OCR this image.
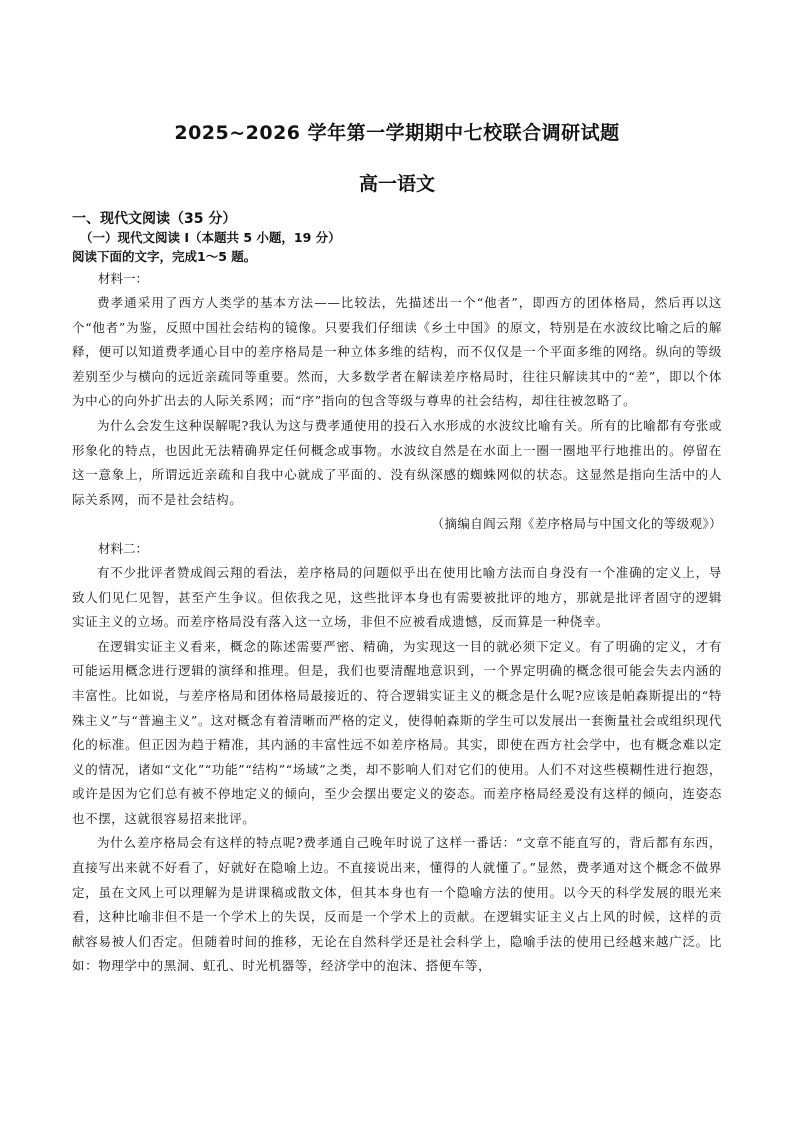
2025~2026 学年第一学期期中七校联合调研试题
高一语文

一、现代文阅读（35 分）

（一）现代文阅读 I（本题共 5 小题，19 分）

阅读下面的文字，完成1～5 题。

材料一：

费孝通采用了西方人类学的基本方法——比较法，先描述出一个“他者”，即西方的团体格局，然后再以这个“他者”为鉴，反照中国社会结构的镜像。只要我们仔细读《乡土中国》的原文，特别是在水波纹比喻之后的解释，便可以知道费孝通心目中的差序格局是一种立体多维的结构，而不仅仅是一个平面多维的网络。纵向的等级差别至少与横向的远近亲疏同等重要。然而，大多数学者在解读差序格局时，往往只解读其中的“差”，即以个体为中心的向外扩出去的人际关系网；而“序”指向的包含等级与尊卑的社会结构，却往往被忽略了。

为什么会发生这种误解呢?我认为这与费孝通使用的投石入水形成的水波纹比喻有关。所有的比喻都有夸张或形象化的特点，也因此无法精确界定任何概念或事物。水波纹自然是在水面上一圈一圈地平行地推出的。停留在这一意象上，所谓远近亲疏和自我中心就成了平面的、没有纵深感的蜘蛛网似的状态。这显然是指向生活中的人际关系网，而不是社会结构。

（摘编自阎云翔《差序格局与中国文化的等级观》）

材料二：

有不少批评者赞成阎云翔的看法，差序格局的问题似乎出在使用比喻方法而自身没有一个准确的定义上，导致人们见仁见智，甚至产生争议。但依我之见，这些批评本身也有需要被批评的地方，那就是批评者固守的逻辑实证主义的立场。而差序格局没有落入这一立场，非但不应被看成遗憾，反而算是一种侥幸。

在逻辑实证主义看来，概念的陈述需要严密、精确，为实现这一目的就必须下定义。有了明确的定义，才有可能运用概念进行逻辑的演绎和推理。但是，我们也要清醒地意识到，一个界定明确的概念很可能会失去内涵的丰富性。比如说，与差序格局和团体格局最接近的、符合逻辑实证主义的概念是什么呢?应该是帕森斯提出的“特殊主义”与“普遍主义”。这对概念有着清晰而严格的定义，使得帕森斯的学生可以发展出一套衡量社会或组织现代化的标准。但正因为趋于精准，其内涵的丰富性远不如差序格局。其实，即使在西方社会学中，也有概念难以定义的情况，诸如“文化”“功能”“结构”“场域”之类，却不影响人们对它们的使用。人们不对这些模糊性进行抱怨，或许是因为它们总有被不停地定义的倾向，至少会摆出要定义的姿态。而差序格局经爰没有这样的倾向，连姿态也不摆，这就很容易招来批评。

为什么差序格局会有这样的特点呢?费孝通自己晚年时说了这样一番话：“文章不能直写的，背后都有东西，直接写出来就不好看了，好就好在隐喻上边。不直接说出来，懂得的人就懂了。”显然，费孝通对这个概念不做界定，虽在文风上可以理解为是讲课稿或散文体，但其本身也有一个隐喻方法的使用。以今天的科学发展的眼光来看，这种比喻非但不是一个学术上的失误，反而是一个学术上的贡献。在逻辑实证主义占上风的时候，这样的贡献容易被人们否定。但随着时间的推移，无论在自然科学还是社会科学上，隐喻手法的使用已经越来越广泛。比如：物理学中的黑洞、虹孔、时光机器等，经济学中的泡沫、搭便车等，
